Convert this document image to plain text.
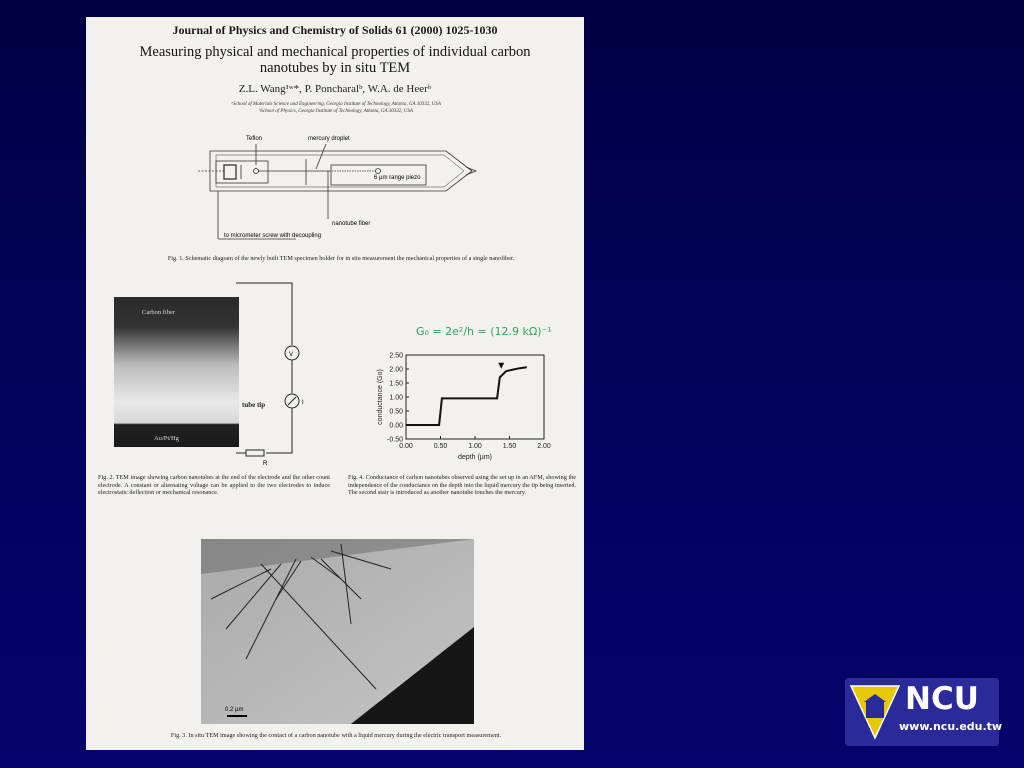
Journal of Physics and Chemistry of Solids 61 (2000) 1025-1030
Measuring physical and mechanical properties of individual carbon nanotubes by in situ TEM
Z.L. Wang¹ʷ*, P. Poncharalᵇ, W.A. de Heerᵇ
ᵃSchool of Materials Science and Engineering, Georgia Institute of Technology, Atlanta, GA 30332, USA
ᵇSchool of Physics, Georgia Institute of Technology, Atlanta, GA 30332, USA
Teflon	mercury droplet
6 µm range piezo
nanotube fiber
to micrometer screw with decoupling
Fig. 1. Schematic diagram of the newly built TEM specimen holder for in situ measurement the mechanical properties of a single nanofiber.
Carbon fiber
Au/Pt/Hg
V
I
R
tube tip
Fig. 2. TEM image showing carbon nanotubes at the end of the electrode and the other count electrode. A constant or alternating voltage can be applied to the two electrodes to induce electrostatic deflection or mechanical resonance.
G₀ = 2e²/h = (12.9 kΩ)⁻¹
0.00	0.50	1.00	1.50	2.00
-0.50
0.00
0.50
1.00
1.50
2.00
2.50
depth (µm)
conductance (Go)
Fig. 4. Conductance of carbon nanotubes observed using the set up in an AFM, showing the independence of the conductance on the depth into the liquid mercury the tip being inserted. The second stair is introduced as another nanotube touches the mercury.
0.2 µm
Fig. 3. In situ TEM image showing the contact of a carbon nanotube with a liquid mercury during the electric transport measurement.
NCU
www.ncu.edu.tw
